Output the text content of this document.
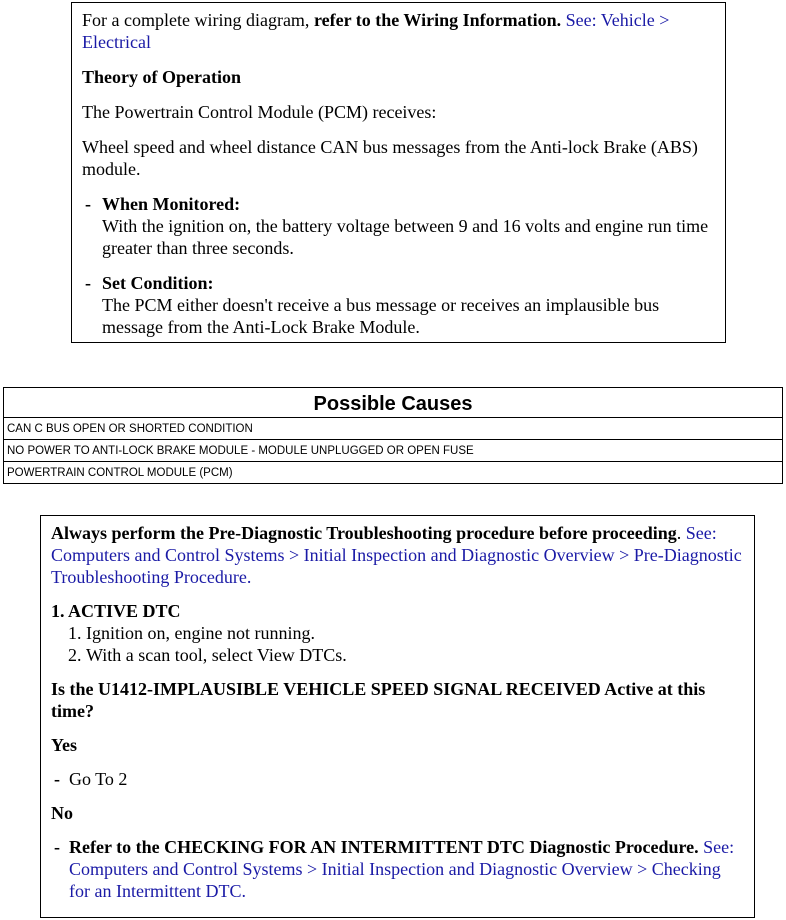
For a complete wiring diagram, refer to the Wiring Information. See: Vehicle > Electrical

Theory of Operation

The Powertrain Control Module (PCM) receives:

Wheel speed and wheel distance CAN bus messages from the Anti-lock Brake (ABS) module.

- When Monitored:
With the ignition on, the battery voltage between 9 and 16 volts and engine run time greater than three seconds.
- Set Condition:
The PCM either doesn't receive a bus message or receives an implausible bus message from the Anti-Lock Brake Module.
Possible Causes
CAN C BUS OPEN OR SHORTED CONDITION
NO POWER TO ANTI-LOCK BRAKE MODULE - MODULE UNPLUGGED OR OPEN FUSE
POWERTRAIN CONTROL MODULE (PCM)

Always perform the Pre-Diagnostic Troubleshooting procedure before proceeding. See: Computers and Control Systems > Initial Inspection and Diagnostic Overview > Pre-Diagnostic Troubleshooting Procedure.

1. ACTIVE DTC

1. Ignition on, engine not running.
2. With a scan tool, select View DTCs.

Is the U1412-IMPLAUSIBLE VEHICLE SPEED SIGNAL RECEIVED Active at this time?

Yes

- Go To 2

No

- Refer to the CHECKING FOR AN INTERMITTENT DTC Diagnostic Procedure. See: Computers and Control Systems > Initial Inspection and Diagnostic Overview > Checking for an Intermittent DTC.
